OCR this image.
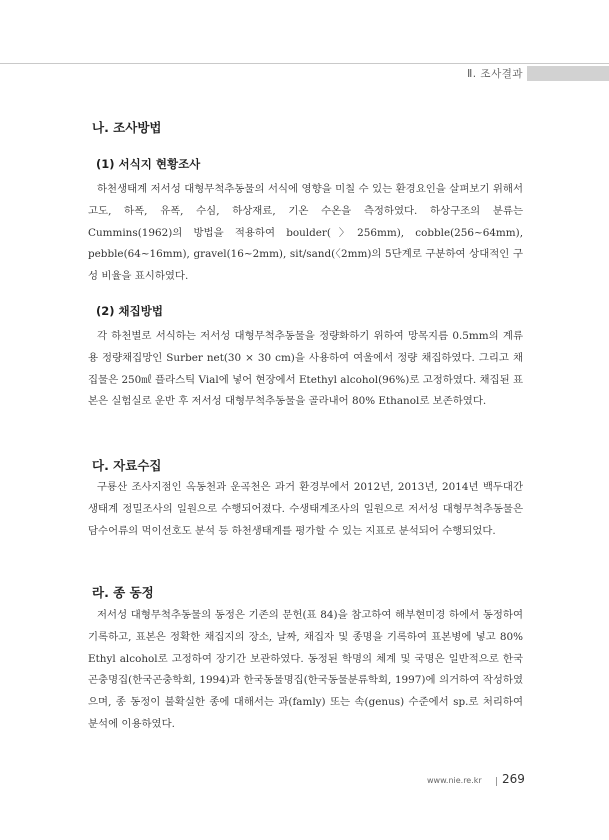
Ⅱ. 조사결과
나. 조사방법
(1) 서식지 현황조사

하천생태계 저서성 대형무척추동물의 서식에 영향을 미칠 수 있는 환경요인을 살펴보기 위해서 고도, 하폭, 유폭, 수심, 하상재료, 기온 수온을 측정하였다. 하상구조의 분류는 Cummins(1962)의 방법을 적용하여 boulder(〉256mm), cobble(256~64mm), pebble(64~16mm), gravel(16~2mm), sit/sand(〈2mm)의 5단계로 구분하여 상대적인 구성 비율을 표시하였다.

(2) 채집방법

각 하천별로 서식하는 저서성 대형무척추동물을 정량화하기 위하여 망목지름 0.5mm의 계류용 정량채집망인 Surber net(30 × 30 cm)을 사용하여 여울에서 정량 채집하였다. 그리고 채집물은 250㎖ 플라스틱 Vial에 넣어 현장에서 Etethyl alcohol(96%)로 고정하였다. 채집된 표본은 실험실로 운반 후 저서성 대형무척추동물을 골라내어 80% Ethanol로 보존하였다.

다. 자료수집

구룡산 조사지점인 옥동천과 운곡천은 과거 환경부에서 2012년, 2013년, 2014년 백두대간 생태계 정밀조사의 일원으로 수행되어졌다. 수생태계조사의 일원으로 저서성 대형무척추동물은 담수어류의 먹이선호도 분석 등 하천생태계를 평가할 수 있는 지표로 분석되어 수행되었다.

라. 종 동정

저서성 대형무척추동물의 동정은 기존의 문헌(표 84)을 참고하여 해부현미경 하에서 동정하여 기록하고, 표본은 정확한 채집지의 장소, 날짜, 채집자 및 종명을 기록하여 표본병에 넣고 80% Ethyl alcohol로 고정하여 장기간 보관하였다. 동정된 학명의 체계 및 국명은 일반적으로 한국곤충명집(한국곤충학회, 1994)과 한국동물명집(한국동물분류학회, 1997)에 의거하여 작성하였으며, 종 동정이 불확실한 종에 대해서는 과(famly) 또는 속(genus) 수준에서 sp.로 처리하여 분석에 이용하였다.

www.nie.re.kr 269
